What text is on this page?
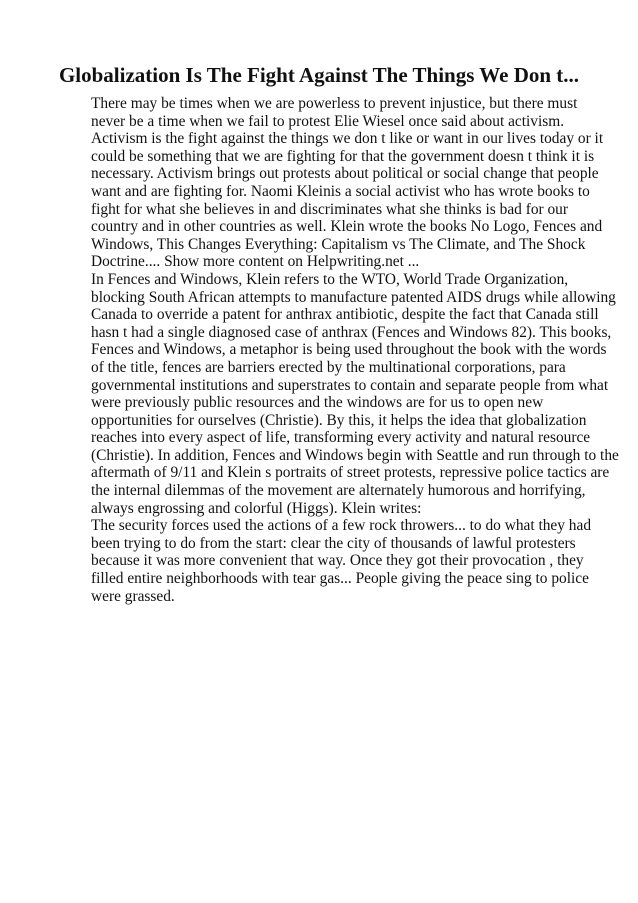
Globalization Is The Fight Against The Things We Don t...
There may be times when we are powerless to prevent injustice, but there must
never be a time when we fail to protest Elie Wiesel once said about activism.
Activism is the fight against the things we don t like or want in our lives today or it
could be something that we are fighting for that the government doesn t think it is
necessary. Activism brings out protests about political or social change that people
want and are fighting for. Naomi Kleinis a social activist who has wrote books to
fight for what she believes in and discriminates what she thinks is bad for our
country and in other countries as well. Klein wrote the books No Logo, Fences and
Windows, This Changes Everything: Capitalism vs The Climate, and The Shock
Doctrine.... Show more content on Helpwriting.net ...
In Fences and Windows, Klein refers to the WTO, World Trade Organization,
blocking South African attempts to manufacture patented AIDS drugs while allowing
Canada to override a patent for anthrax antibiotic, despite the fact that Canada still
hasn t had a single diagnosed case of anthrax (Fences and Windows 82). This books,
Fences and Windows, a metaphor is being used throughout the book with the words
of the title, fences are barriers erected by the multinational corporations, para
governmental institutions and superstrates to contain and separate people from what
were previously public resources and the windows are for us to open new
opportunities for ourselves (Christie). By this, it helps the idea that globalization
reaches into every aspect of life, transforming every activity and natural resource
(Christie). In addition, Fences and Windows begin with Seattle and run through to the
aftermath of 9/11 and Klein s portraits of street protests, repressive police tactics are
the internal dilemmas of the movement are alternately humorous and horrifying,
always engrossing and colorful (Higgs). Klein writes:
The security forces used the actions of a few rock throwers... to do what they had
been trying to do from the start: clear the city of thousands of lawful protesters
because it was more convenient that way. Once they got their provocation , they
filled entire neighborhoods with tear gas... People giving the peace sing to police
were grassed.
